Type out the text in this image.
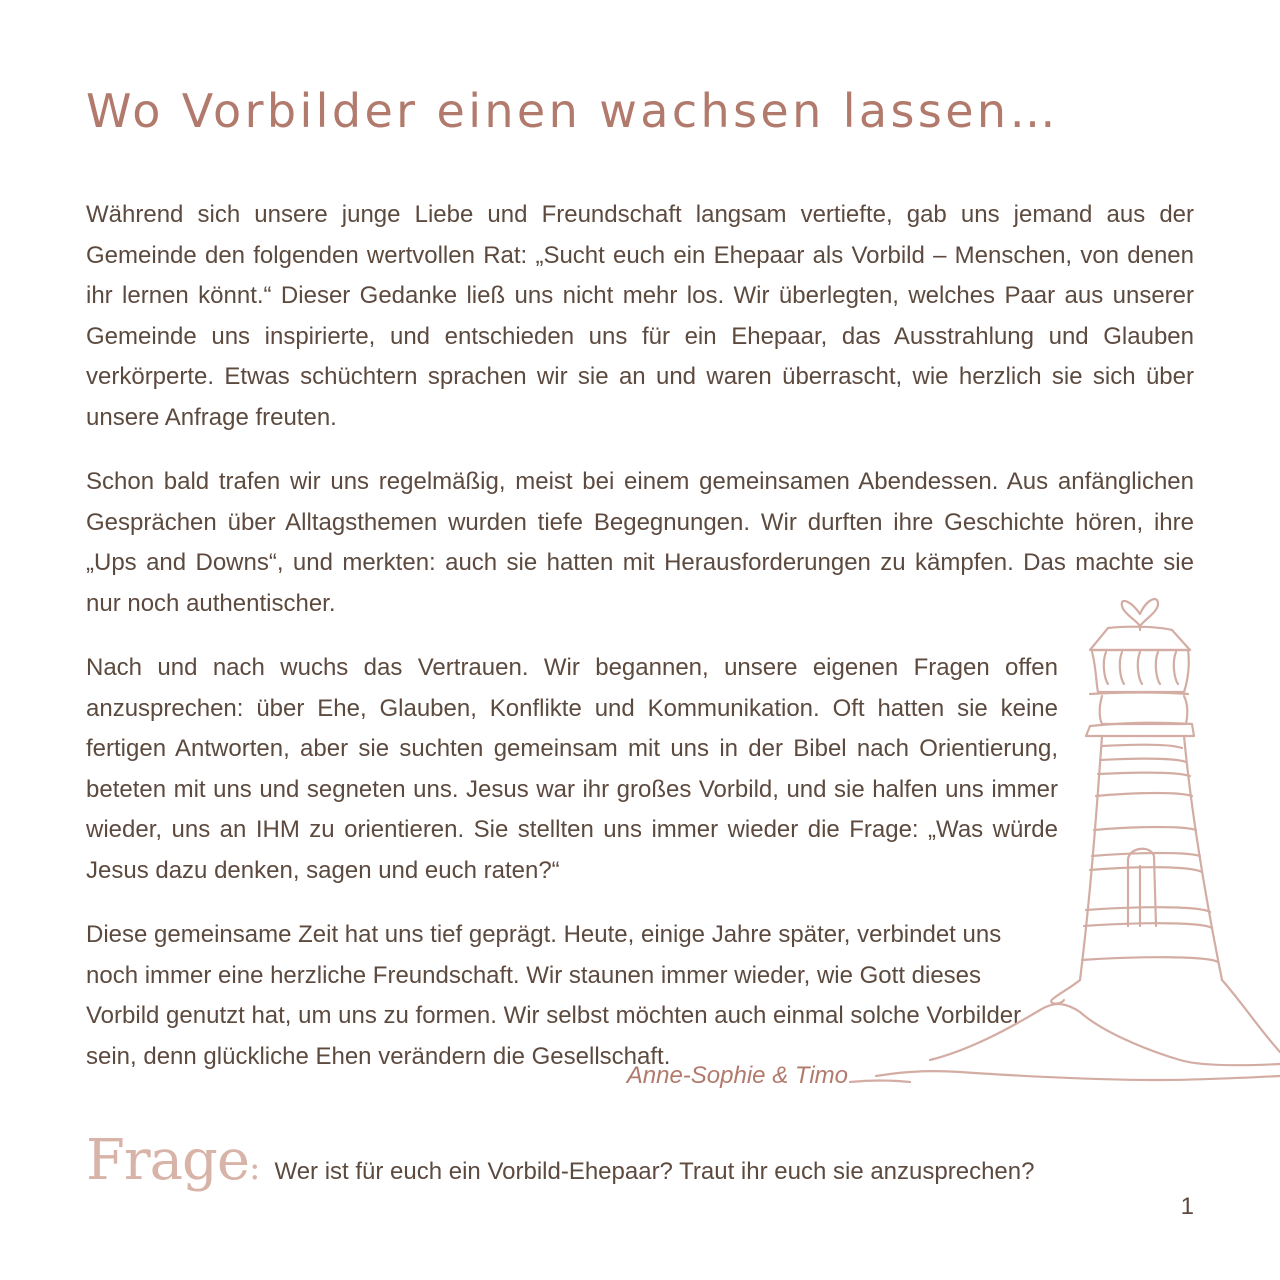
Wo Vorbilder einen wachsen lassen…

Während sich unsere junge Liebe und Freundschaft langsam vertiefte, gab uns jemand aus der Gemeinde den folgenden wertvollen Rat: „Sucht euch ein Ehepaar als Vorbild – Menschen, von denen ihr lernen könnt.“ Dieser Gedanke ließ uns nicht mehr los. Wir überlegten, welches Paar aus unserer Gemeinde uns inspirierte, und entschieden uns für ein Ehepaar, das Ausstrahlung und Glauben verkörperte. Etwas schüchtern sprachen wir sie an und waren überrascht, wie herzlich sie sich über unsere Anfrage freuten.

Schon bald trafen wir uns regelmäßig, meist bei einem gemeinsamen Abendessen. Aus anfänglichen Gesprächen über Alltagsthemen wurden tiefe Begegnungen. Wir durften ihre Geschichte hören, ihre „Ups and Downs“, und merkten: auch sie hatten mit Herausforderungen zu kämpfen. Das machte sie nur noch authentischer.

Nach und nach wuchs das Vertrauen. Wir begannen, unsere eigenen Fragen offen anzusprechen: über Ehe, Glauben, Konflikte und Kommunikation. Oft hatten sie keine fertigen Antworten, aber sie suchten gemeinsam mit uns in der Bibel nach Orientierung, beteten mit uns und segneten uns. Jesus war ihr großes Vorbild, und sie halfen uns immer wieder, uns an IHM zu orientieren. Sie stellten uns immer wieder die Frage: „Was würde Jesus dazu denken, sagen und euch raten?“

Diese gemeinsame Zeit hat uns tief geprägt. Heute, einige Jahre später, verbindet uns noch immer eine herzliche Freundschaft. Wir staunen immer wieder, wie Gott dieses Vorbild genutzt hat, um uns zu formen. Wir selbst möchten auch einmal solche Vorbilder sein, denn glückliche Ehen verändern die Gesellschaft.

Anne-Sophie & Timo
Frage : Wer ist für euch ein Vorbild-Ehepaar? Traut ihr euch sie anzusprechen?
1
